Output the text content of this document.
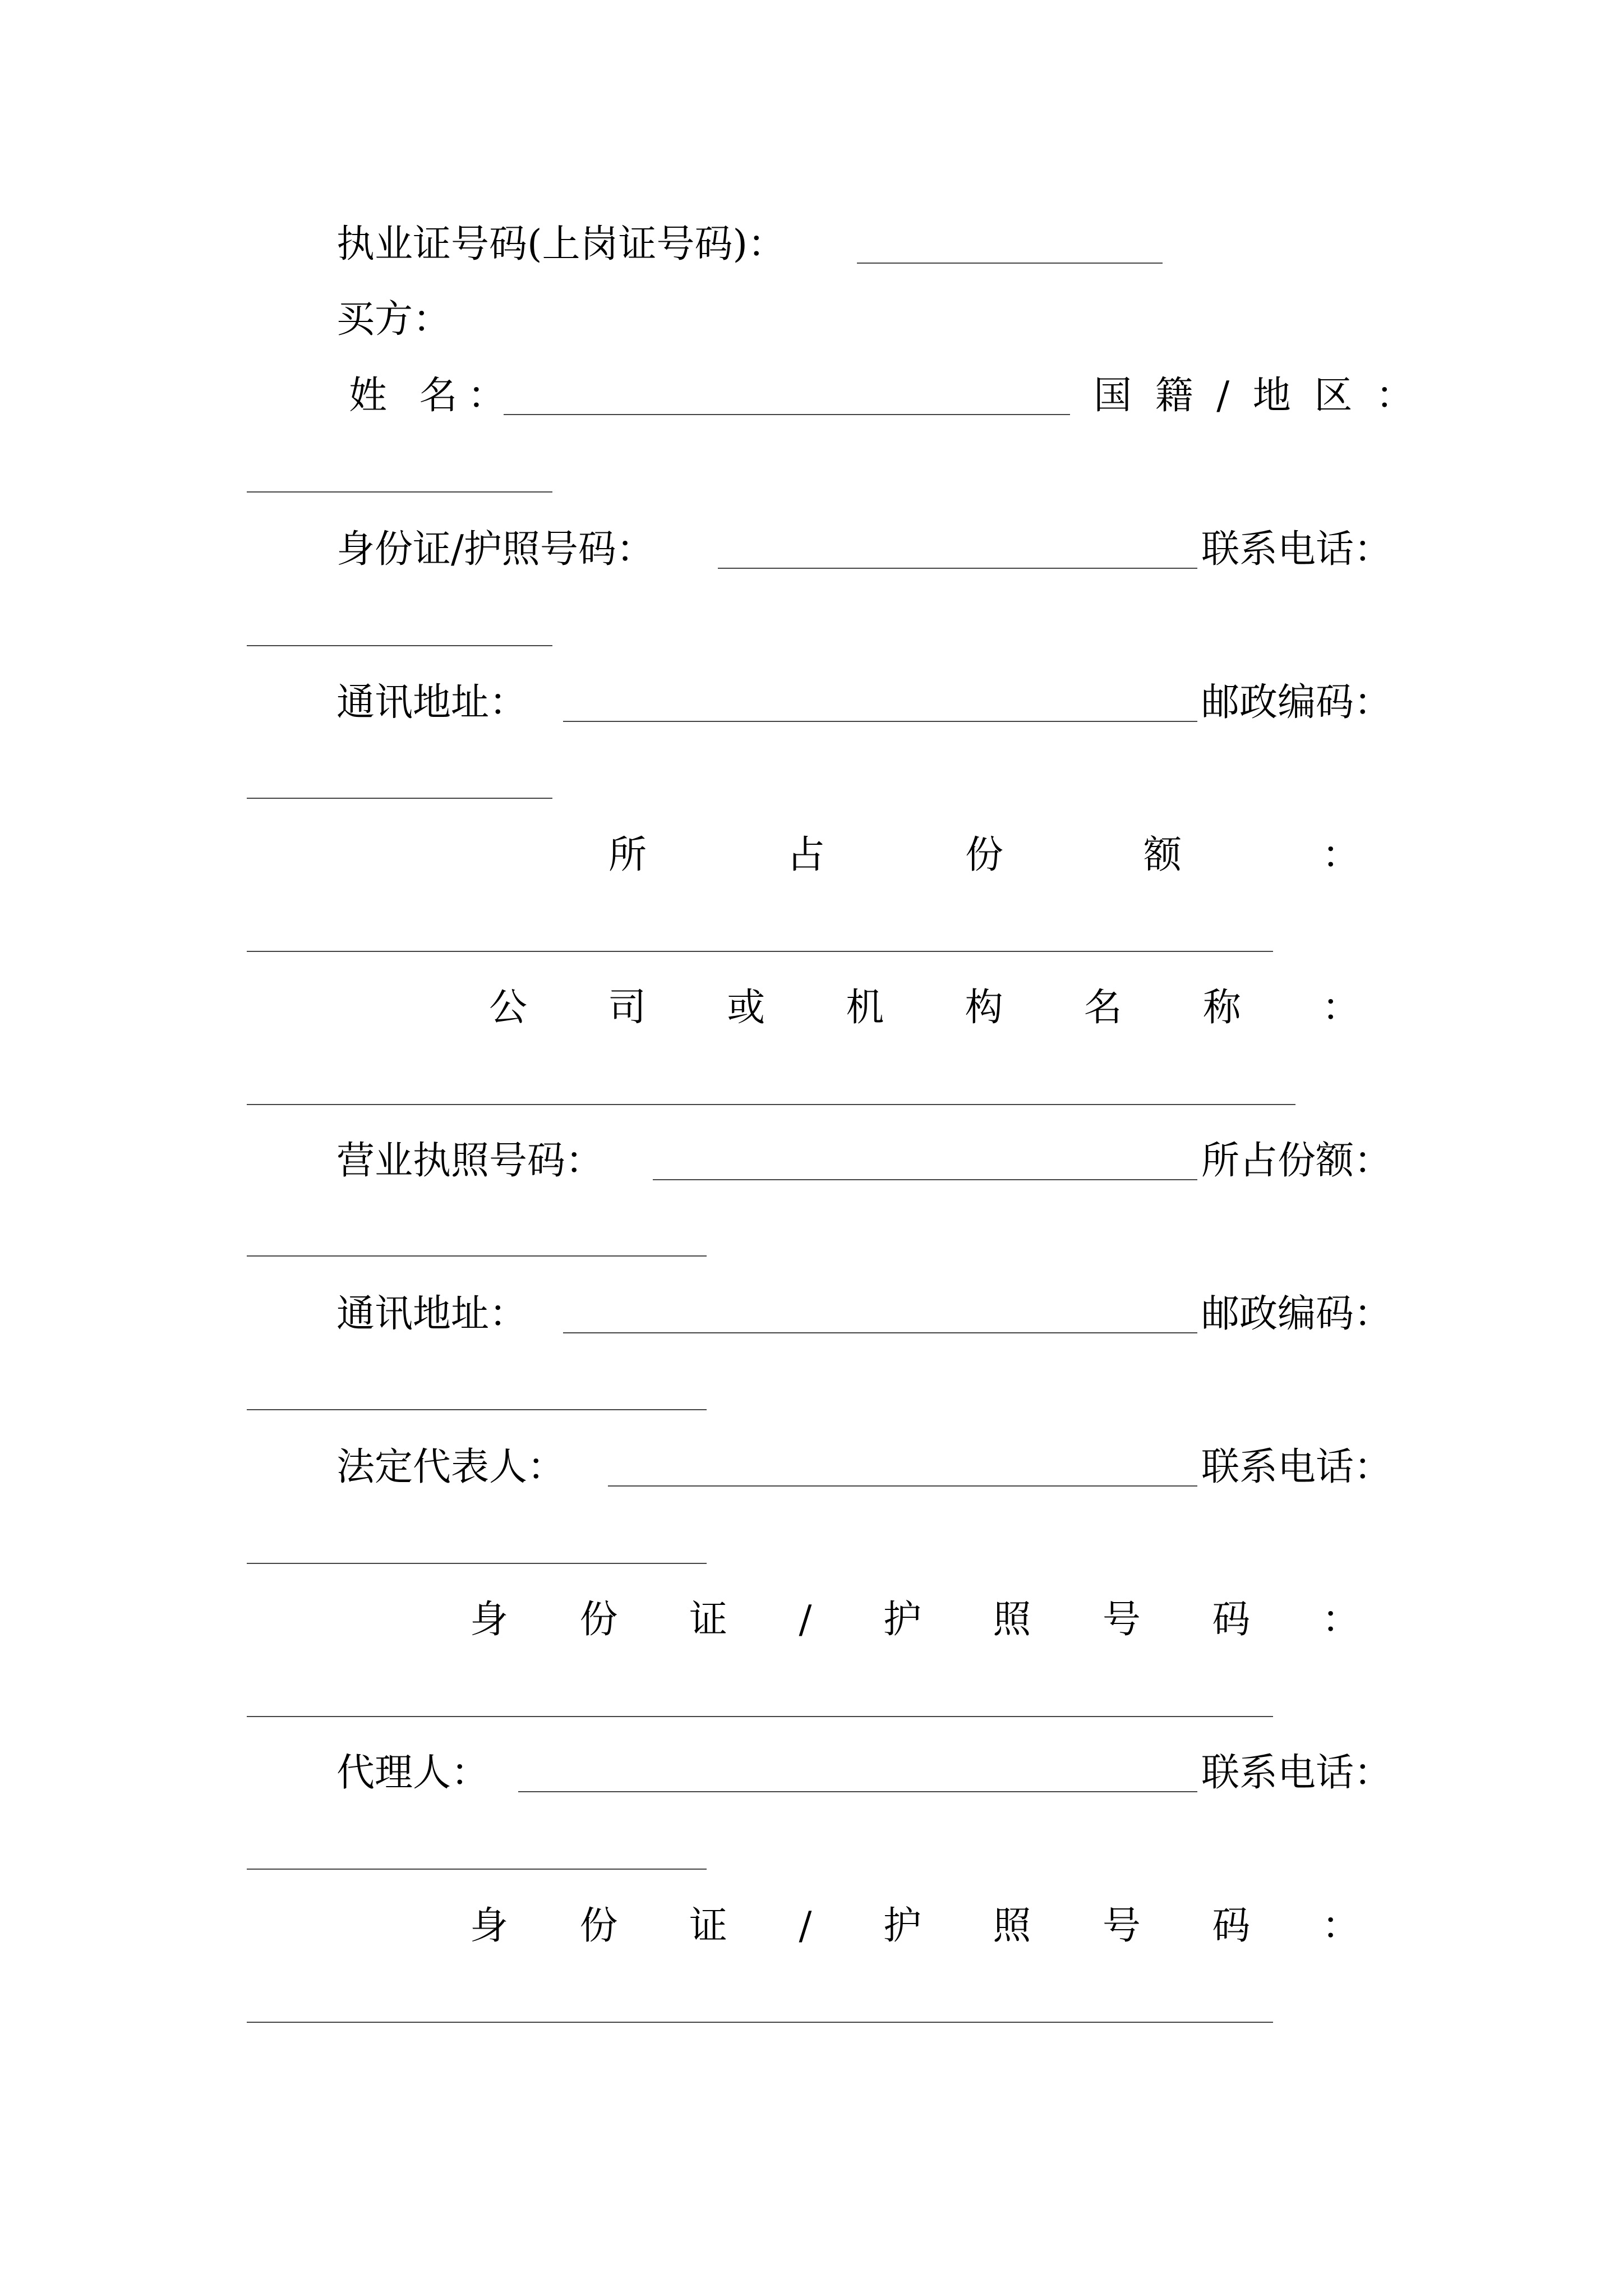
执业证号码(上岗证号码)：
买方：
姓 名：	国 籍 / 地 区 ：
身份证/护照号码：	联系电话：
通讯地址：	邮政编码：
所	占	份	额	：
公 司 或 机 构 名 称 ：
营业执照号码：	所占份额：
通讯地址：	邮政编码：
法定代表人：	联系电话：
身 份 证 / 护 照 号 码 ：
代理人：	联系电话：
身 份 证 / 护 照 号 码 ：
